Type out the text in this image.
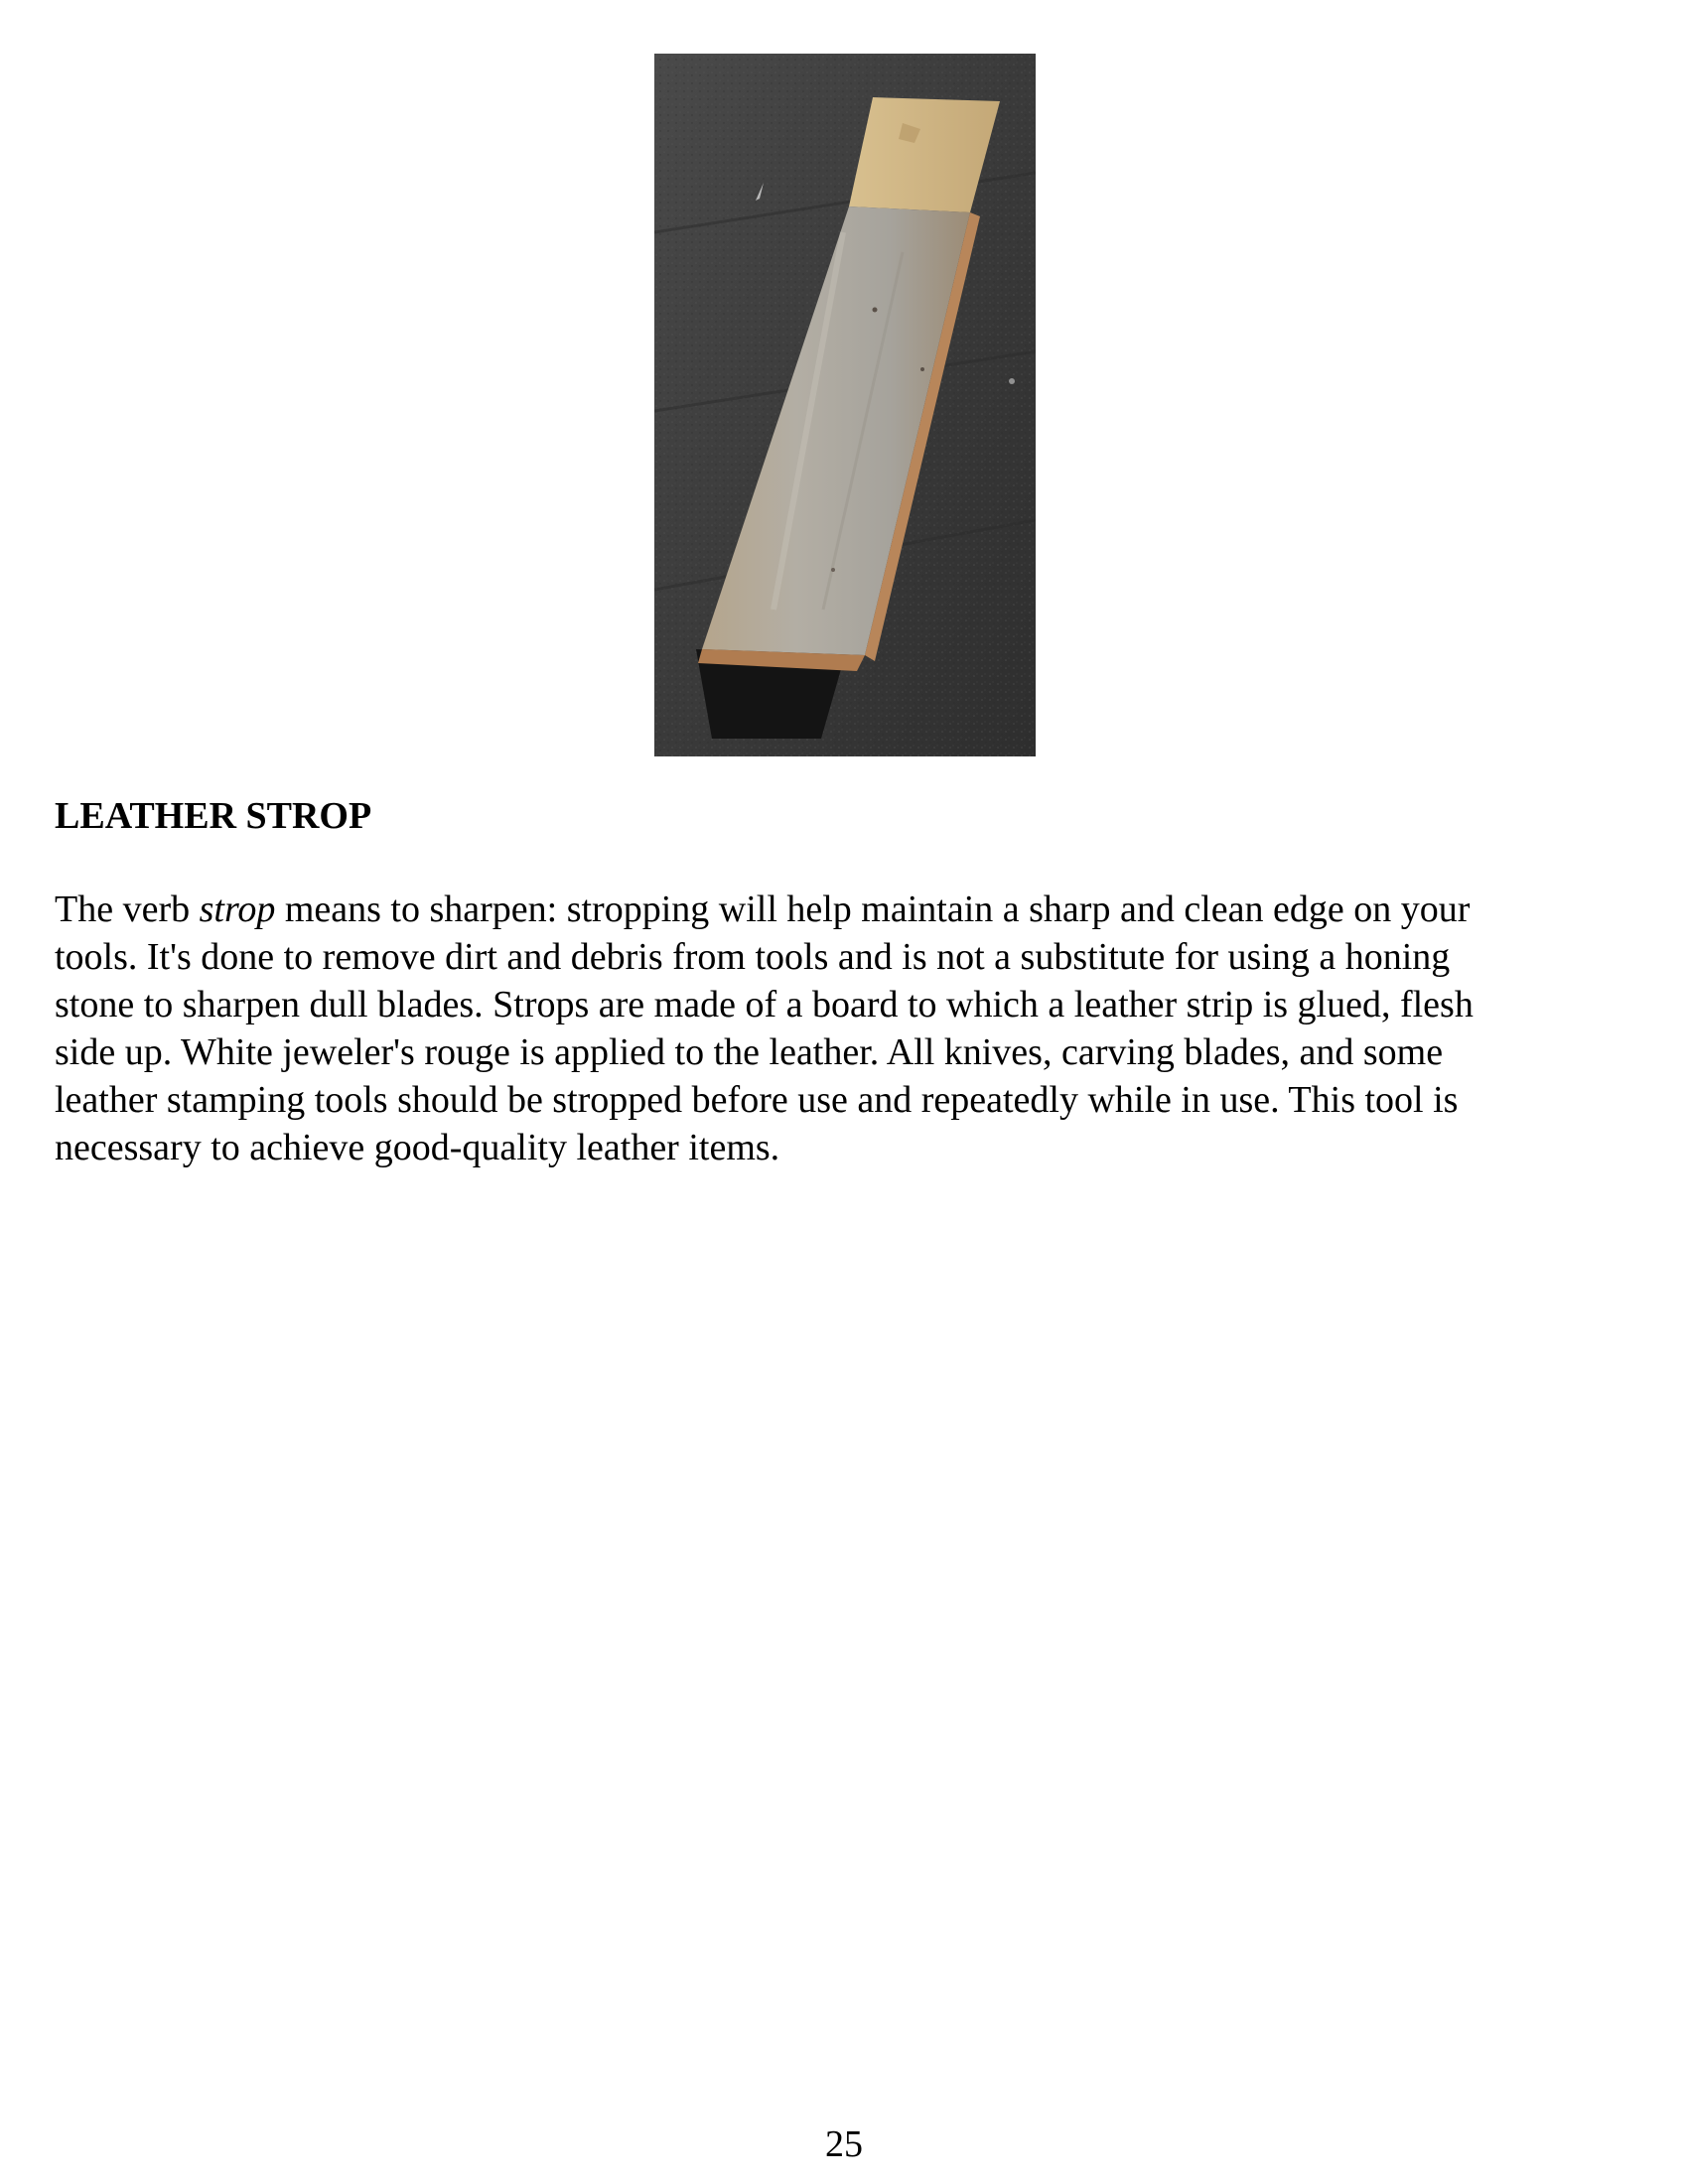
LEATHER STROP

The verb strop means to sharpen: stropping will help maintain a sharp and clean edge on your
tools. It's done to remove dirt and debris from tools and is not a substitute for using a honing
stone to sharpen dull blades. Strops are made of a board to which a leather strip is glued, flesh
side up. White jeweler's rouge is applied to the leather. All knives, carving blades, and some
leather stamping tools should be stropped before use and repeatedly while in use. This tool is
necessary to achieve good-quality leather items.

25
